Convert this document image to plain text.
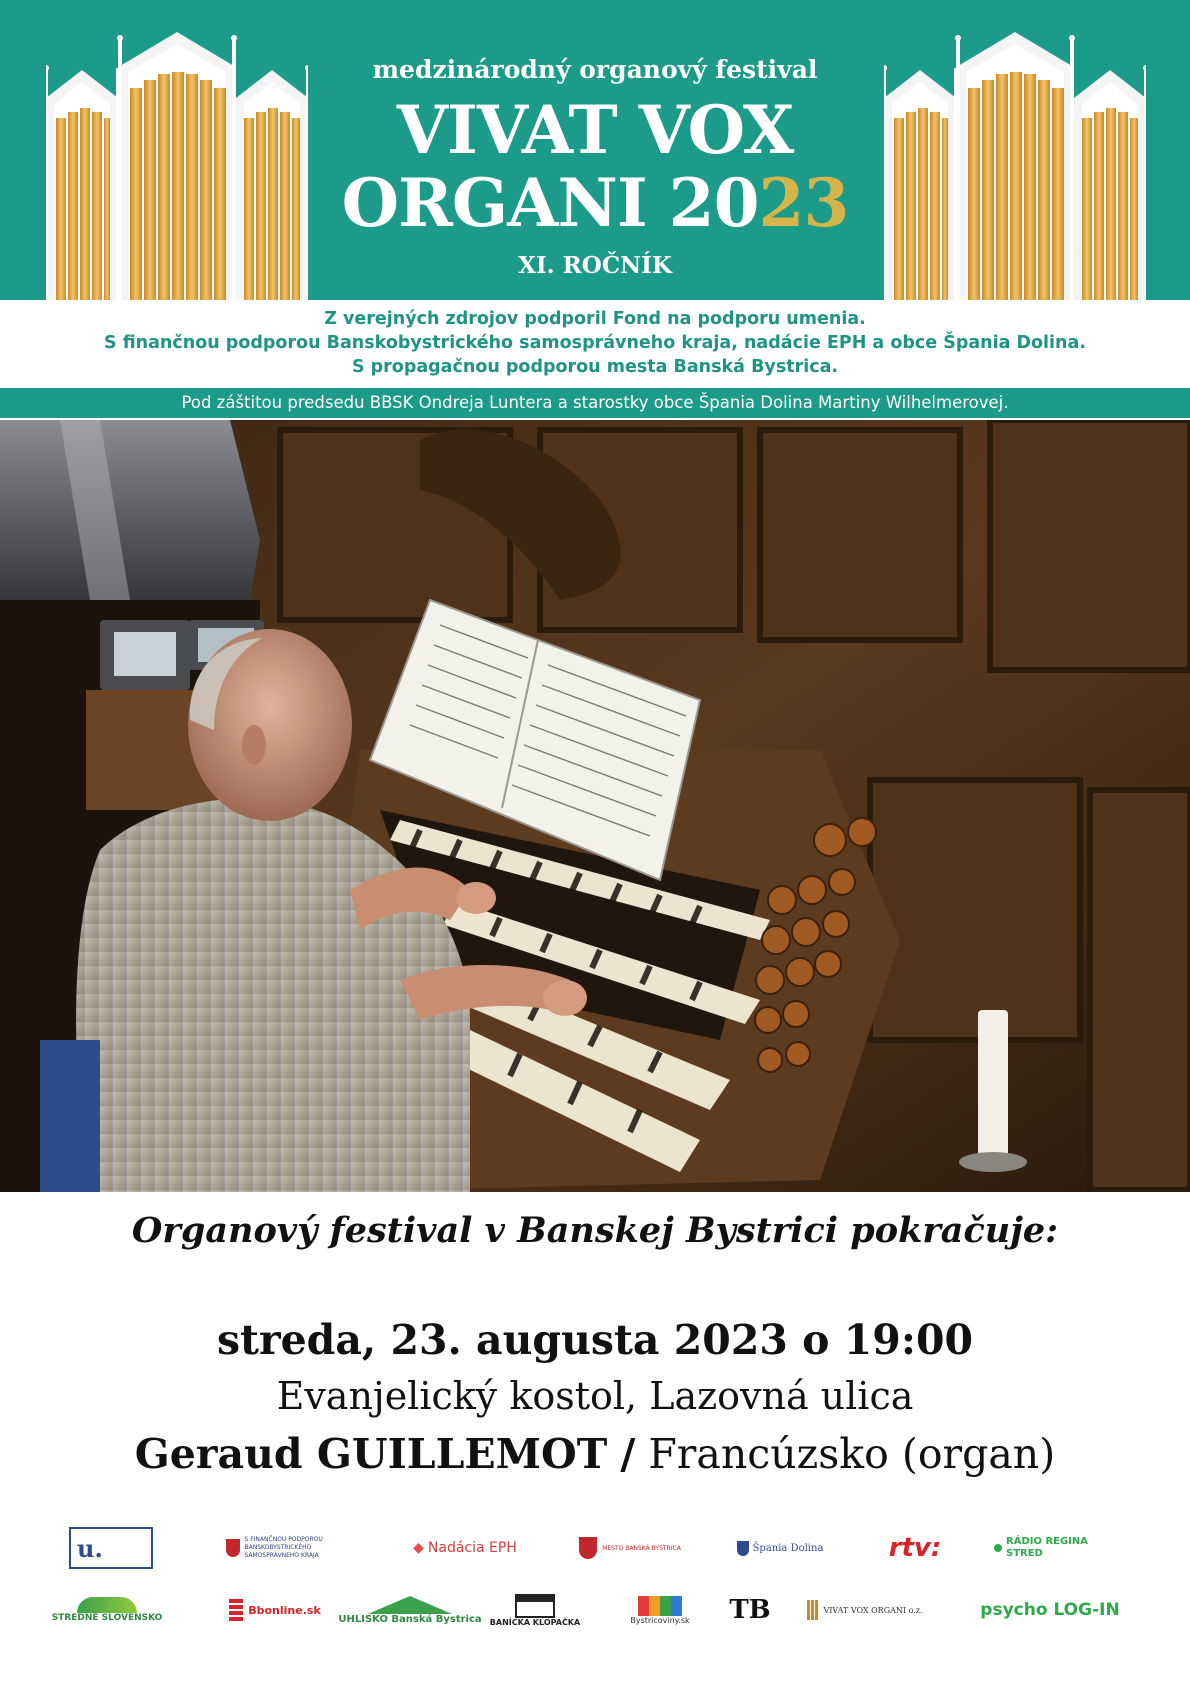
medzinárodný organový festival
VIVAT VOX
ORGANI 2023
XI. ROČNÍK
Z verejných zdrojov podporil Fond na podporu umenia.
S finančnou podporou Banskobystrického samosprávneho kraja, nadácie EPH a obce Špania Dolina.
S propagačnou podporou mesta Banská Bystrica.
Pod záštitou predsedu BBSK Ondreja Luntera a starostky obce Špania Dolina Martiny Wilhelmerovej.
Organový festival v Banskej Bystrici pokračuje:
streda, 23. augusta 2023 o 19:00
Evanjelický kostol, Lazovná ulica
Geraud GUILLEMOT / Francúzsko (organ)
u.	S FINANČNOU PODPOROU BANSKOBYSTRICKÉHO SAMOSPRÁVNEHO KRAJA	◆ Nadácia EPH	MESTO BANSKÁ BYSTRICA	Špania Dolina	rtv:	RÁDIO REGINA STRED
STREDNÉ SLOVENSKO
Bbonline.sk
UHLISKO Banská Bystrica BANÍCKA KLOPAČKA	Bystricoviny.sk TB	VIVAT VOX ORGANI o.z.	psycho LOG-IN
